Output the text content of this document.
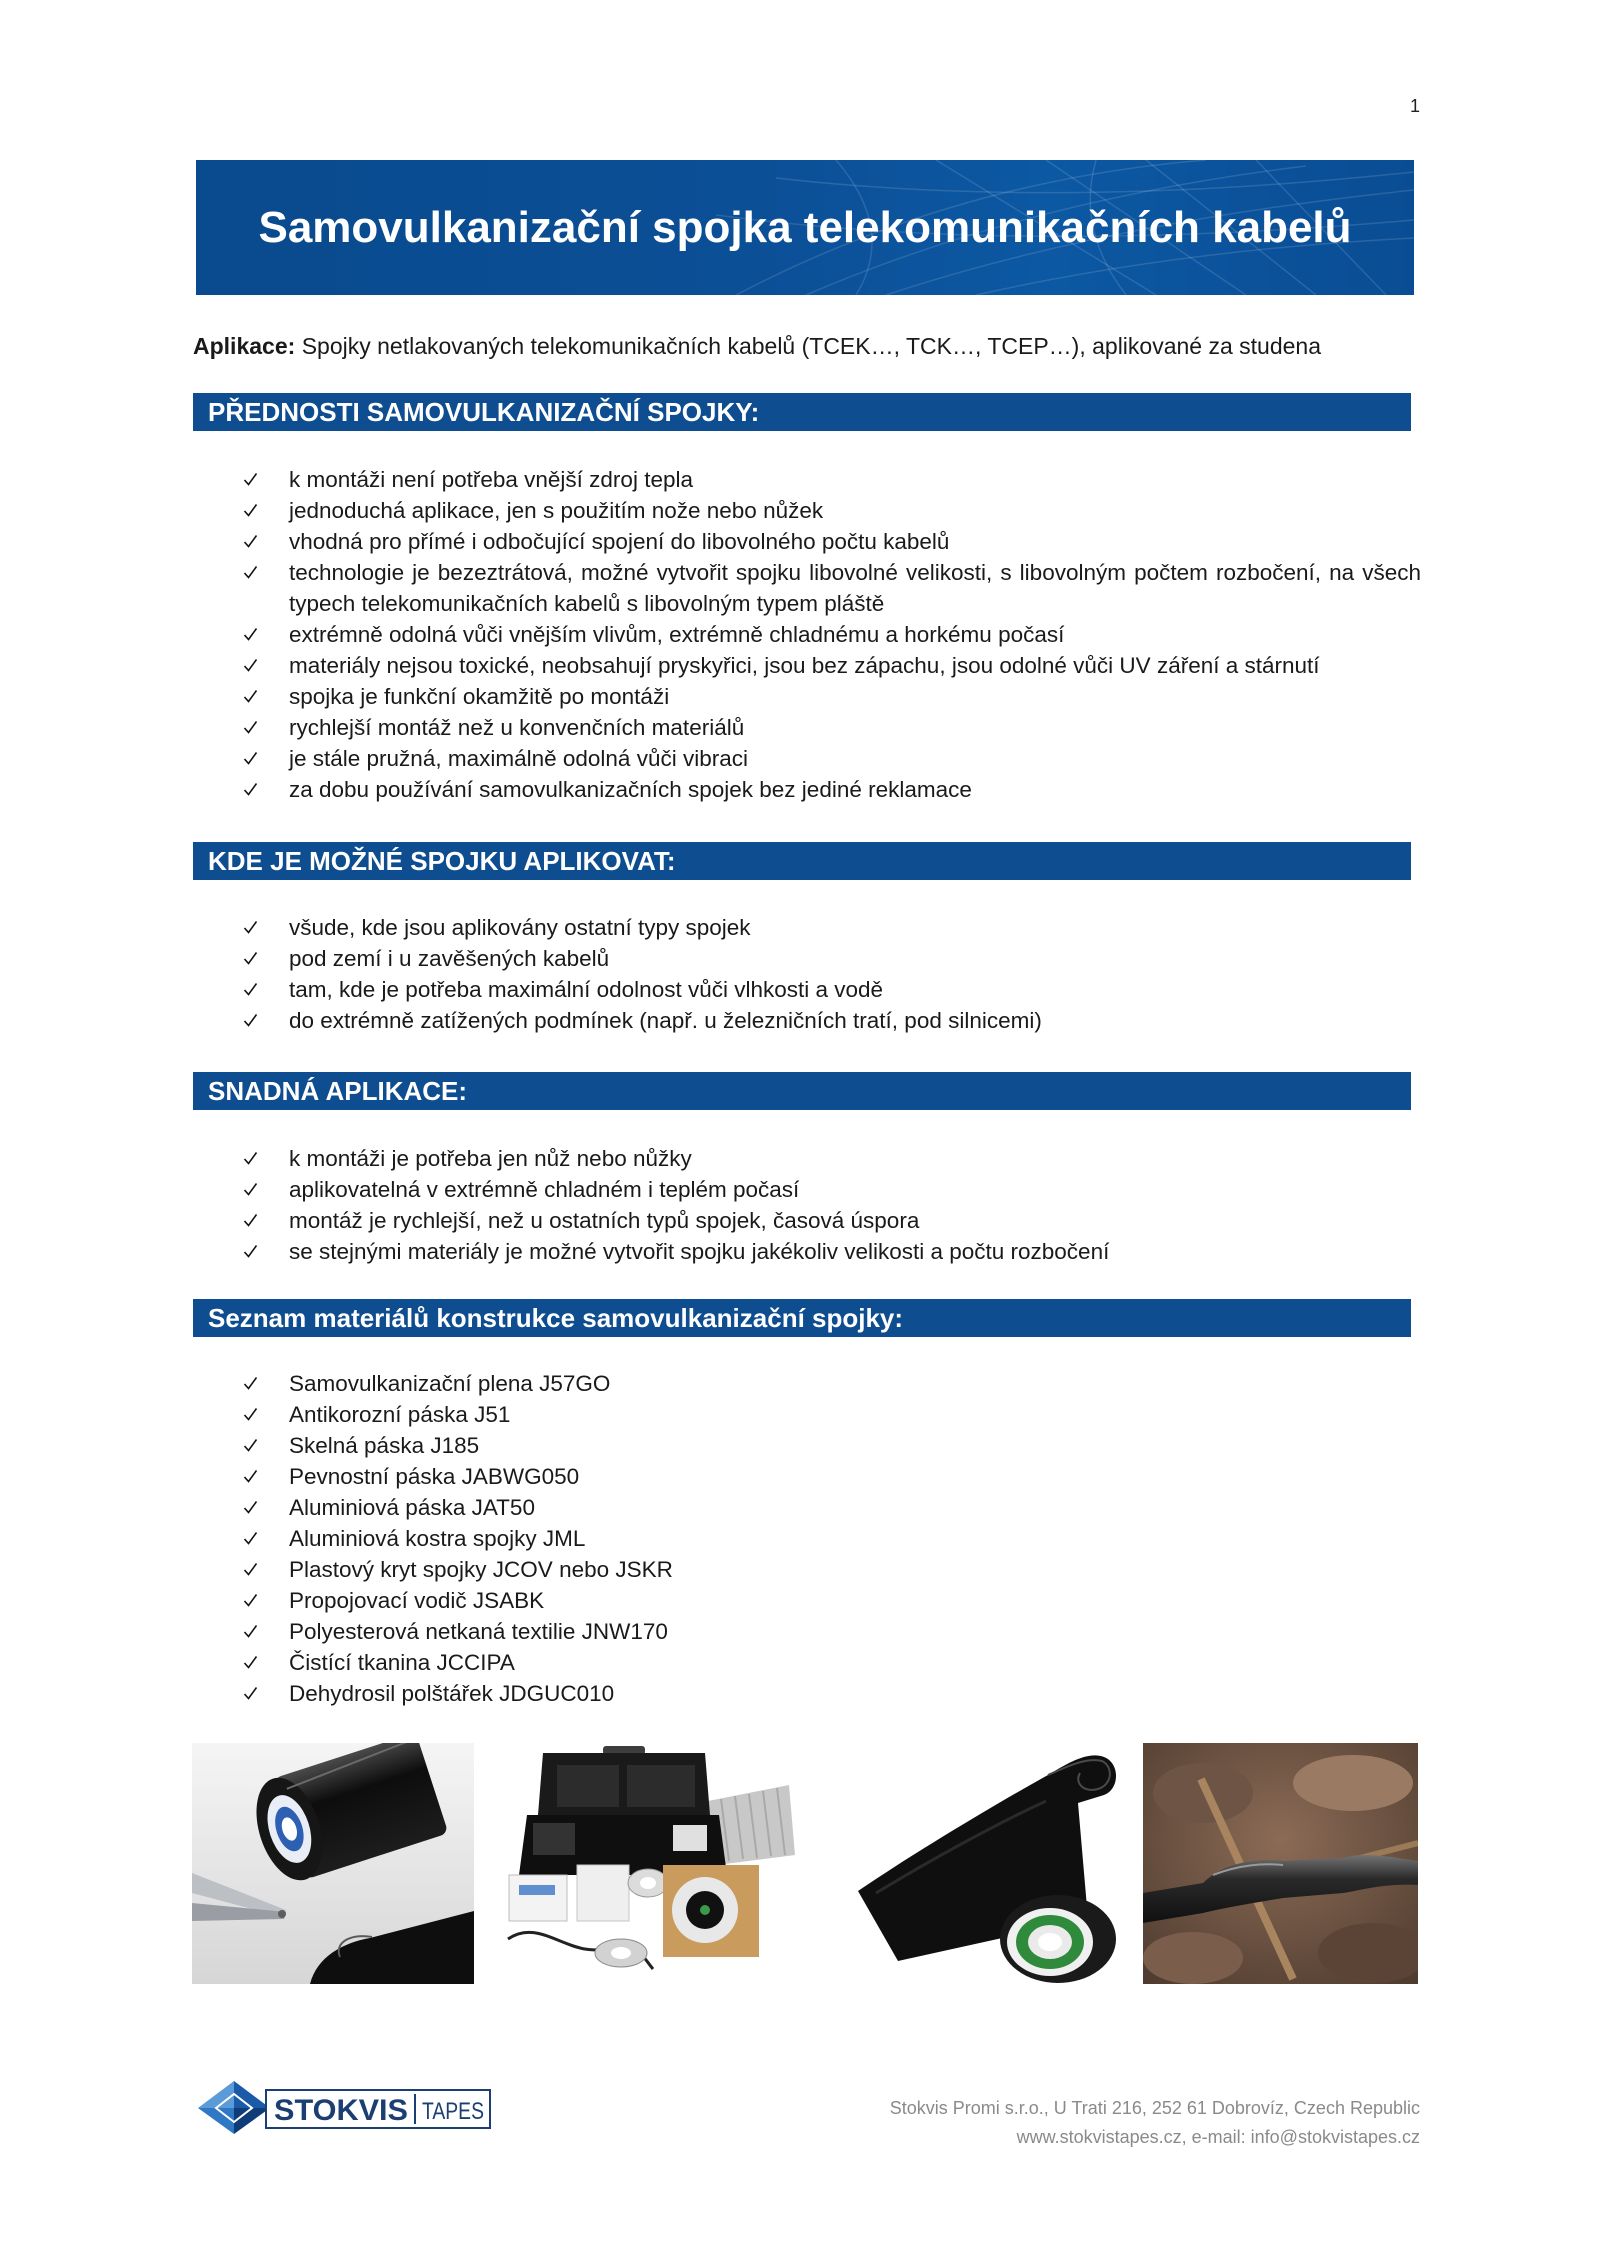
1
Samovulkanizační spojka telekomunikačních kabelů
Aplikace: Spojky netlakovaných telekomunikačních kabelů (TCEK…, TCK…, TCEP…), aplikované za studena
PŘEDNOSTI SAMOVULKANIZAČNÍ SPOJKY:
k montáži není potřeba vnější zdroj tepla
jednoduchá aplikace, jen s použitím nože nebo nůžek
vhodná pro přímé i odbočující spojení do libovolného počtu kabelů
technologie je bezeztrátová, možné vytvořit spojku libovolné velikosti, s libovolným počtem rozbočení, na všech typech telekomunikačních kabelů s libovolným typem pláště
extrémně odolná vůči vnějším vlivům, extrémně chladnému a horkému počasí
materiály nejsou toxické, neobsahují pryskyřici, jsou bez zápachu, jsou odolné vůči UV záření a stárnutí
spojka je funkční okamžitě po montáži
rychlejší montáž než u konvenčních materiálů
je stále pružná, maximálně odolná vůči vibraci
za dobu používání samovulkanizačních spojek bez jediné reklamace
KDE JE MOŽNÉ SPOJKU APLIKOVAT:
všude, kde jsou aplikovány ostatní typy spojek
pod zemí i u zavěšených kabelů
tam, kde je potřeba maximální odolnost vůči vlhkosti a vodě
do extrémně zatížených podmínek (např. u železničních tratí, pod silnicemi)
SNADNÁ APLIKACE:
k montáži je potřeba jen nůž nebo nůžky
aplikovatelná v extrémně chladném i teplém počasí
montáž je rychlejší, než u ostatních typů spojek, časová úspora
se stejnými materiály je možné vytvořit spojku jakékoliv velikosti a počtu rozbočení
Seznam materiálů konstrukce samovulkanizační spojky:
Samovulkanizační plena J57GO
Antikorozní páska J51
Skelná páska J185
Pevnostní páska JABWG050
Aluminiová páska JAT50
Aluminiová kostra spojky JML
Plastový kryt spojky JCOV nebo JSKR
Propojovací vodič JSABK
Polyesterová netkaná textilie JNW170
Čistící tkanina JCCIPA
Dehydrosil polštářek JDGUC010
STOKVIS TAPES	Stokvis Promi s.r.o., U Trati 216, 252 61 Dobrovíz, Czech Republic
www.stokvistapes.cz, e-mail: info@stokvistapes.cz
